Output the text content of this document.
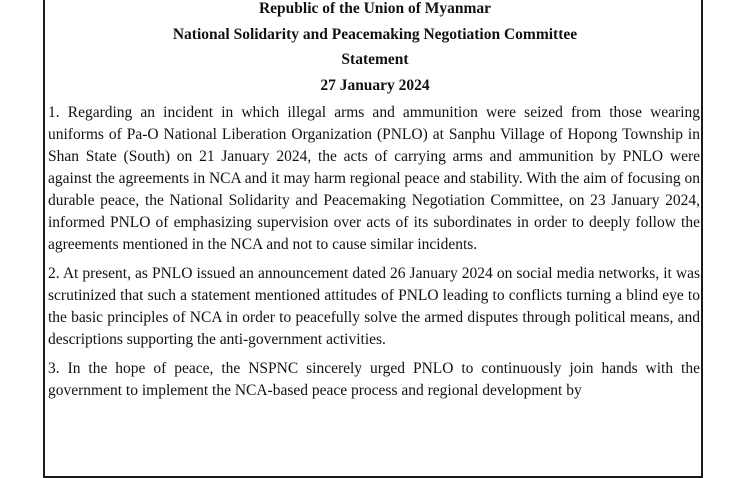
Republic of the Union of Myanmar
National Solidarity and Peacemaking Negotiation Committee
Statement
27 January 2024

1. Regarding an incident in which illegal arms and ammunition were seized from those wearing uniforms of Pa-O National Liberation Organization (PNLO) at Sanphu Village of Hopong Township in Shan State (South) on 21 January 2024, the acts of carrying arms and ammunition by PNLO were against the agreements in NCA and it may harm regional peace and stability. With the aim of focusing on durable peace, the National Solidarity and Peacemaking Negotiation Committee, on 23 January 2024, informed PNLO of emphasizing supervision over acts of its subordinates in order to deeply follow the agreements mentioned in the NCA and not to cause similar incidents.

2. At present, as PNLO issued an announcement dated 26 January 2024 on social media networks, it was scrutinized that such a statement mentioned attitudes of PNLO leading to conflicts turning a blind eye to the basic principles of NCA in order to peacefully solve the armed disputes through political means, and descriptions supporting the anti-government activities.

3. In the hope of peace, the NSPNC sincerely urged PNLO to continuously join hands with the government to implement the NCA-based peace process and regional development by
